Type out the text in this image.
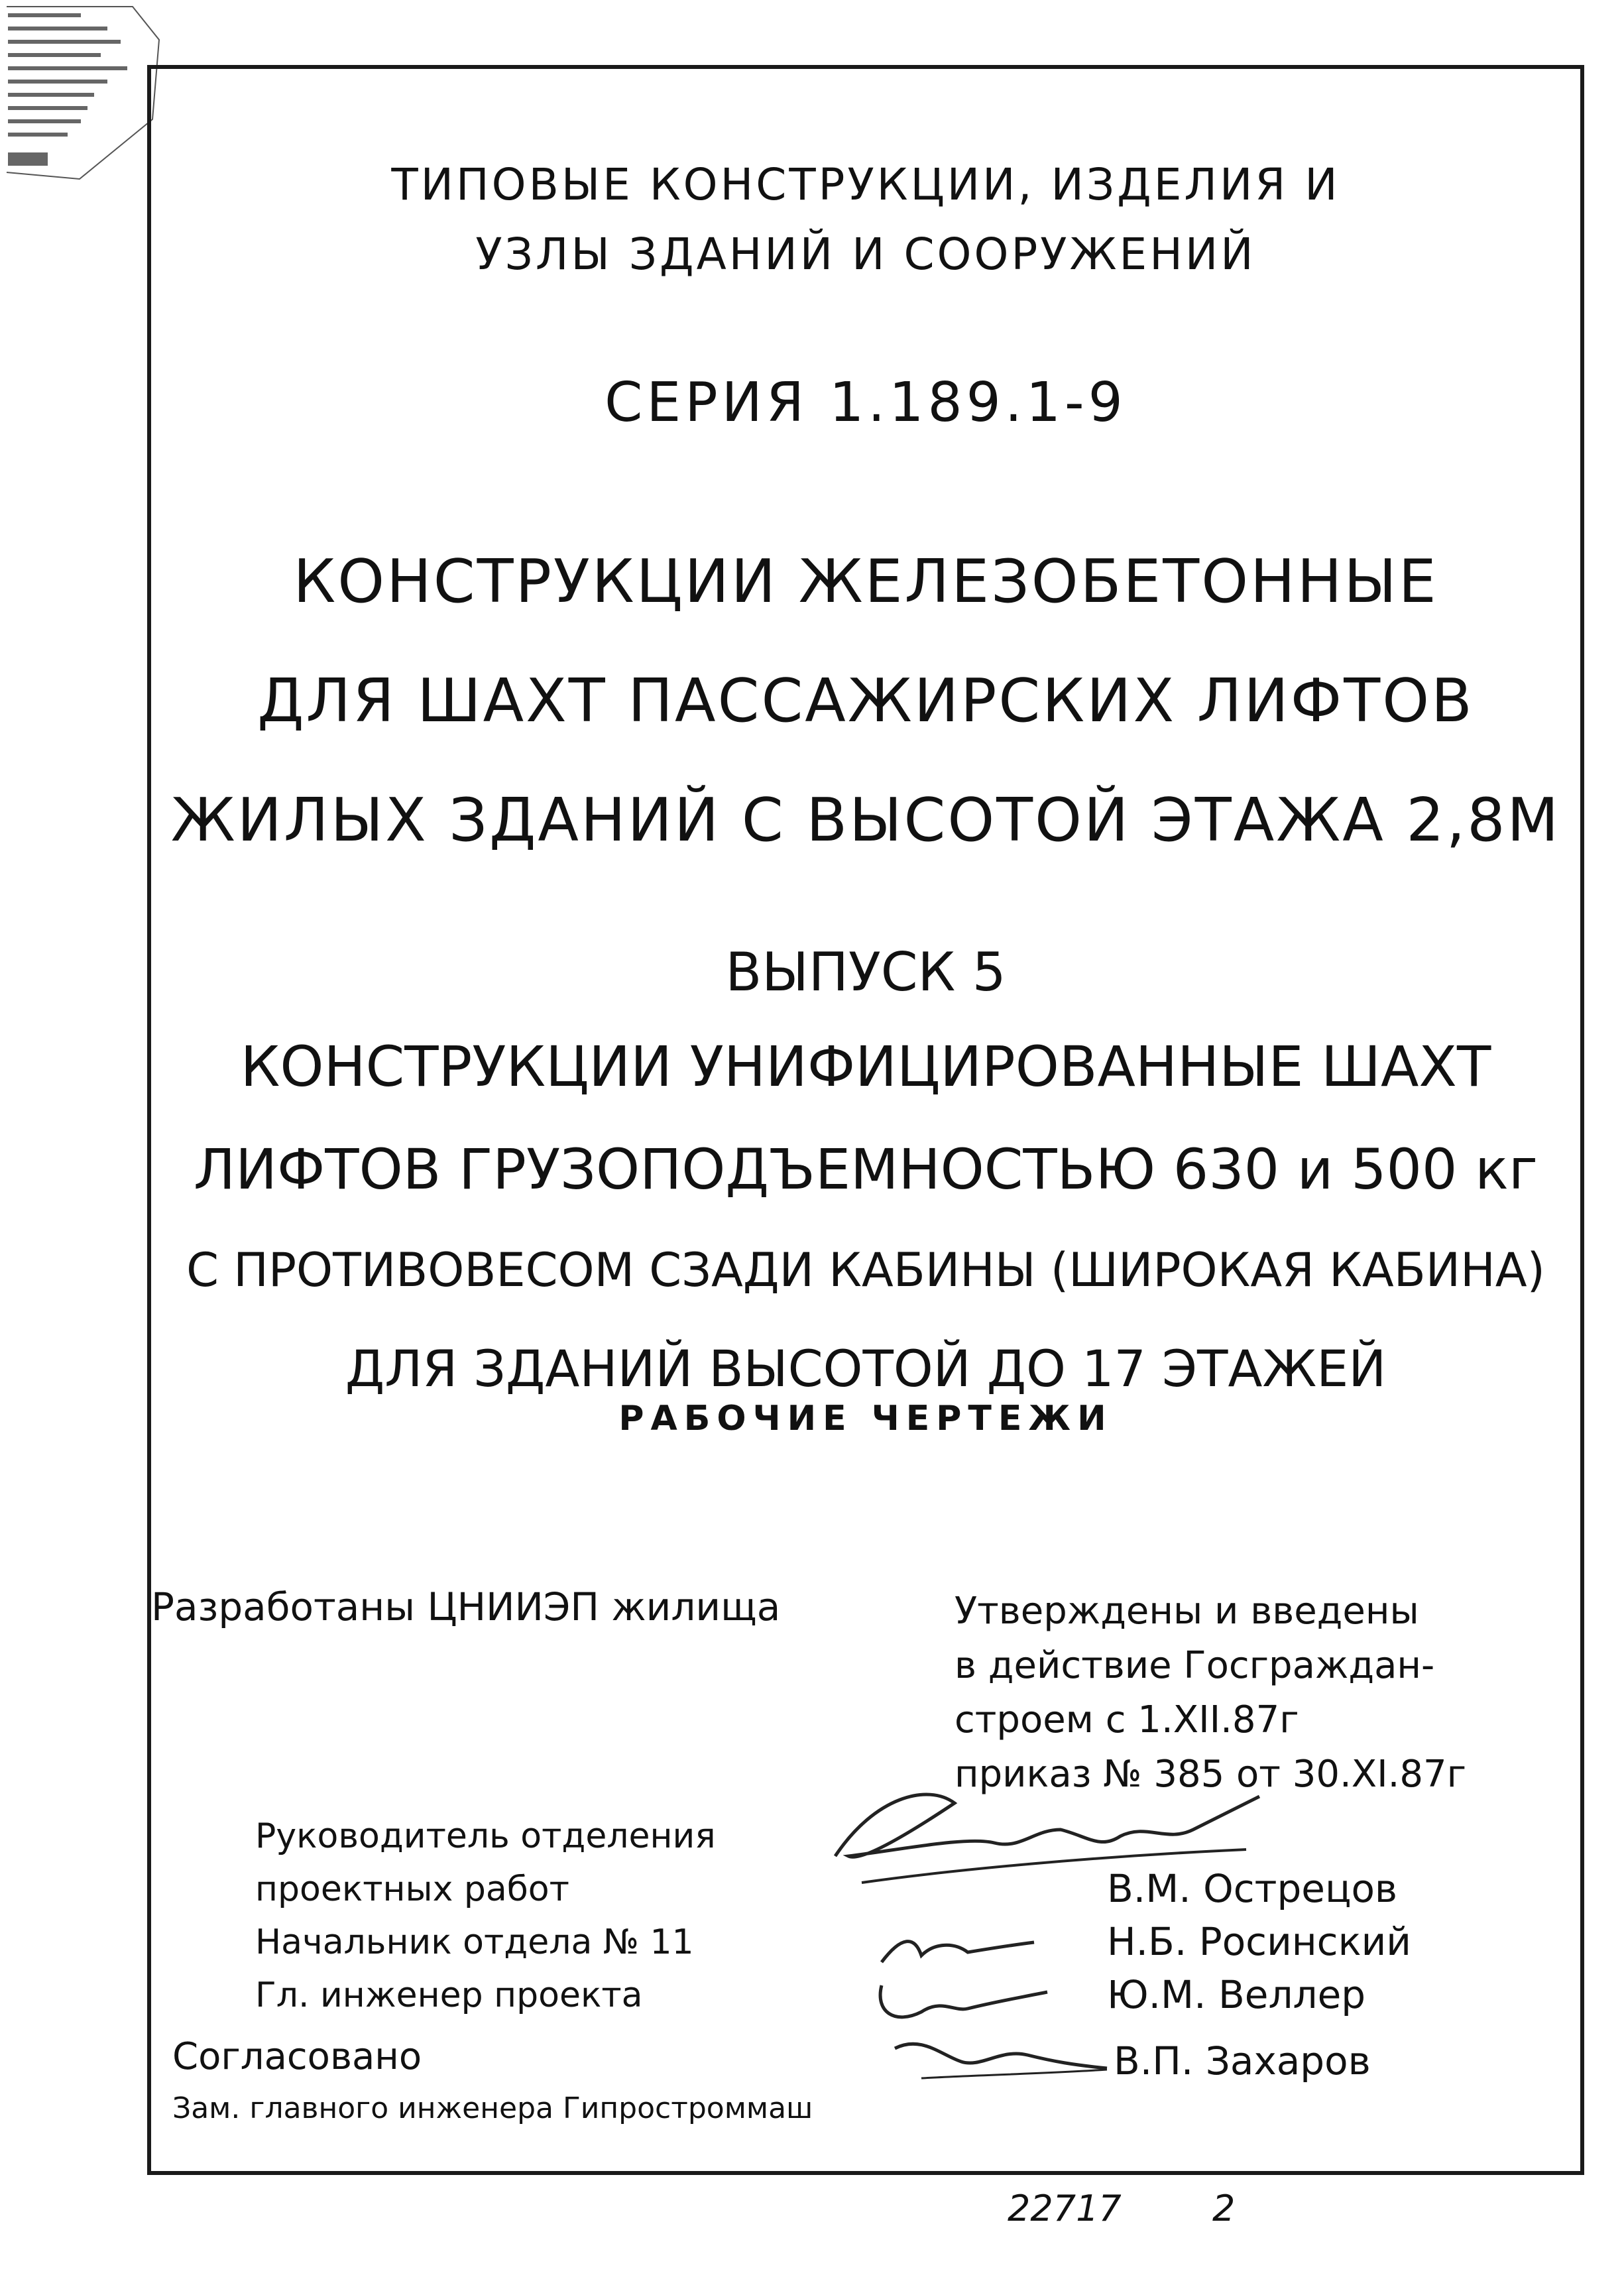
ТИПОВЫЕ КОНСТРУКЦИИ, ИЗДЕЛИЯ И
УЗЛЫ ЗДАНИЙ И СООРУЖЕНИЙ
СЕРИЯ 1.189.1-9
КОНСТРУКЦИИ ЖЕЛЕЗОБЕТОННЫЕ
ДЛЯ ШАХТ ПАССАЖИРСКИХ ЛИФТОВ
ЖИЛЫХ ЗДАНИЙ С ВЫСОТОЙ ЭТАЖА 2,8М
ВЫПУСК 5
КОНСТРУКЦИИ УНИФИЦИРОВАННЫЕ ШАХТ
ЛИФТОВ ГРУЗОПОДЪЕМНОСТЬЮ 630 и 500 кг
С ПРОТИВОВЕСОМ СЗАДИ КАБИНЫ (ШИРОКАЯ КАБИНА)
ДЛЯ ЗДАНИЙ ВЫСОТОЙ ДО 17 ЭТАЖЕЙ
РАБОЧИЕ ЧЕРТЕЖИ
Разработаны ЦНИИЭП жилища	Утверждены и введены
в действие Госграждан-
строем с 1.XII.87г
приказ № 385 от 30.XI.87г
Руководитель отделения
проектных работ	В.М. Острецов
Начальник отдела № 11	Н.Б. Росинский
Гл. инженер проекта	Ю.М. Веллер
Согласовано	В.П. Захаров
Зам. главного инженера Гипростроммаш
22717	2
